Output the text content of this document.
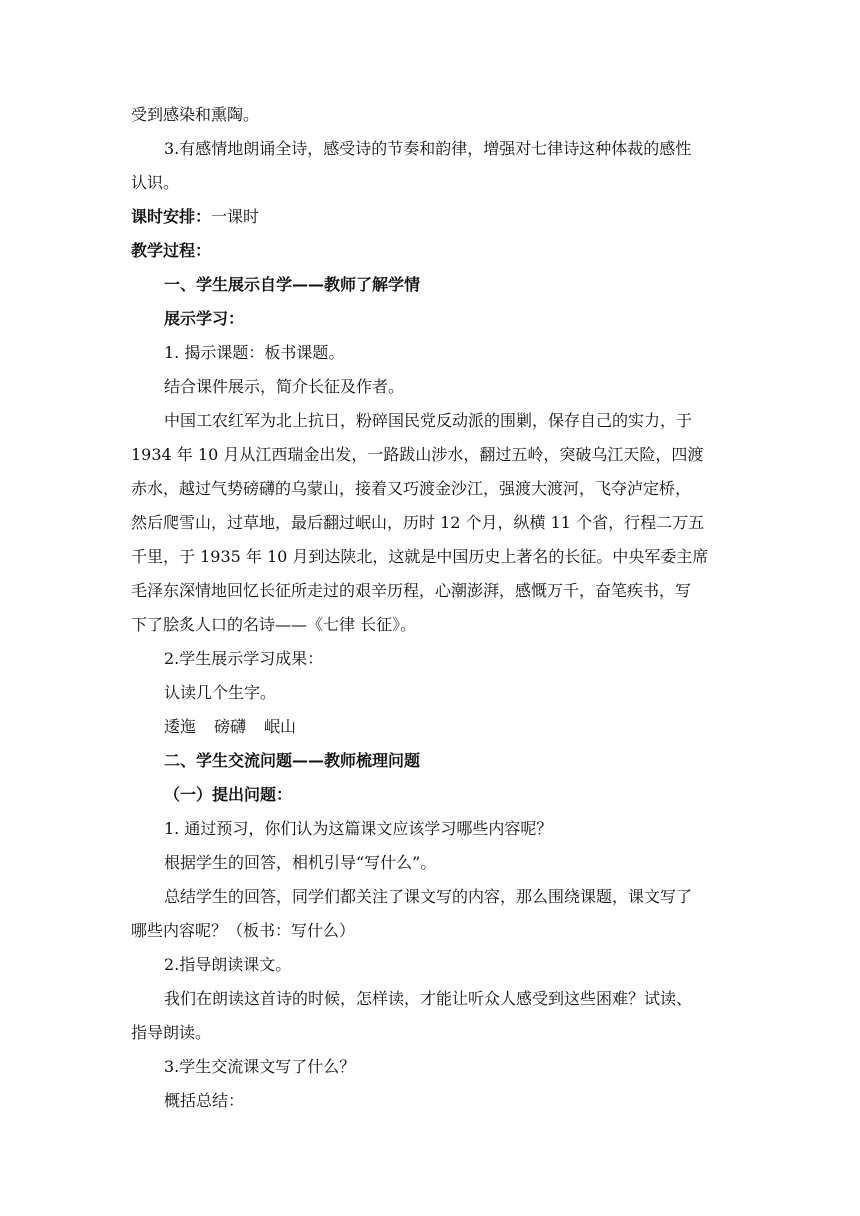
受到感染和熏陶。
3.有感情地朗诵全诗，感受诗的节奏和韵律，增强对七律诗这种体裁的感性
认识。
课时安排：一课时
教学过程：
一、学生展示自学——教师了解学情
展示学习：
1. 揭示课题：板书课题。
结合课件展示，简介长征及作者。
中国工农红军为北上抗日，粉碎国民党反动派的围剿，保存自己的实力，于
1934 年 10 月从江西瑞金出发，一路跋山涉水，翻过五岭，突破乌江天险，四渡
赤水，越过气势磅礴的乌蒙山，接着又巧渡金沙江，强渡大渡河，飞夺泸定桥，
然后爬雪山，过草地，最后翻过岷山，历时 12 个月，纵横 11 个省，行程二万五
千里，于 1935 年 10 月到达陕北，这就是中国历史上著名的长征。中央军委主席
毛泽东深情地回忆长征所走过的艰辛历程，心潮澎湃，感慨万千，奋笔疾书，写
下了脍炙人口的名诗——《七律 长征》。
2.学生展示学习成果：
认读几个生字。
逶迤 磅礴 岷山
二、学生交流问题——教师梳理问题
（一）提出问题：
1. 通过预习，你们认为这篇课文应该学习哪些内容呢？
根据学生的回答，相机引导“写什么”。
总结学生的回答，同学们都关注了课文写的内容，那么围绕课题，课文写了
哪些内容呢？（板书：写什么）
2.指导朗读课文。
我们在朗读这首诗的时候，怎样读，才能让听众人感受到这些困难？试读、
指导朗读。
3.学生交流课文写了什么？
概括总结：
